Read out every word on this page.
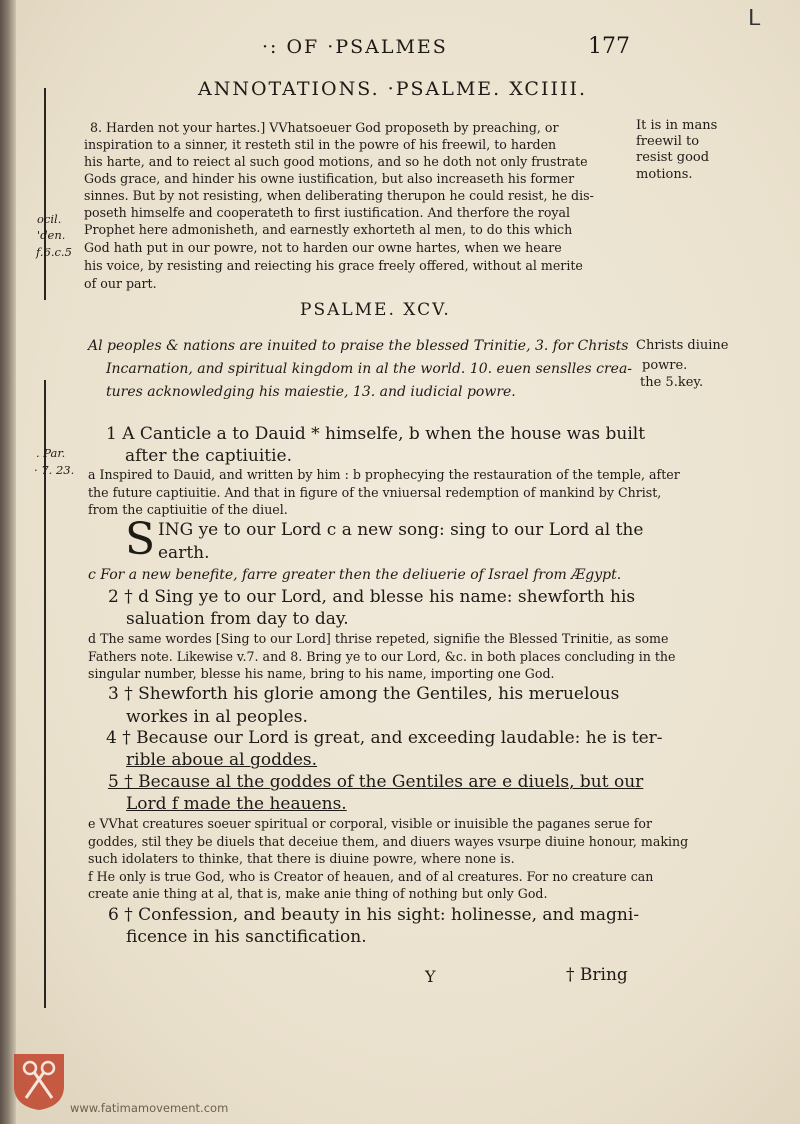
ᒪ
·: OF ·PSALMES	177
ANNOTATIONS. ·PSALME. XCIIII.
8. Harden not your hartes.] VVhatsoeuer God proposeth by preaching, or
inspiration to a sinner, it resteth stil in the powre of his freewil, to harden
his harte, and to reiect al such good motions, and so he doth not only frustrate
Gods grace, and hinder his owne iustification, but also increaseth his former
sinnes. But by not resisting, when deliberating therupon he could resist, he dis-
poseth himselfe and cooperateth to first iustification. And therfore the royal
Prophet here admonisheth, and earnestly exhorteth al men, to do this which
God hath put in our powre, not to harden our owne hartes, when we heare
his voice, by resisting and reiecting his grace freely offered, without al merite
of our part.
It is in mans
freewil to
resist good
motions.
ocil.
'den.
f.6.c.5
PSALME. XCV.
Al peoples & nations are inuited to praise the blessed Trinitie, 3. for Christs
Incarnation, and spiritual kingdom in al the world. 10. euen senslles crea-
tures acknowledging his maiestie, 13. and iudicial powre.
Christs diuine
powre.
the 5.key.
. Par.
· 7. 23.
1 A Canticle a to Dauid * himselfe, b when the house was built
after the captiuitie.
a Inspired to Dauid, and written by him : b prophecying the restauration of the temple, after
the future captiuitie. And that in figure of the vniuersal redemption of mankind by Christ,
from the captiuitie of the diuel.
S ING ye to our Lord c a new song: sing to our Lord al the
earth.
c For a new benefite, farre greater then the deliuerie of Israel from Ægypt.
2 † d Sing ye to our Lord, and blesse his name: shewforth his
saluation from day to day.
d The same wordes [Sing to our Lord] thrise repeted, signifie the Blessed Trinitie, as some
Fathers note. Likewise v.7. and 8. Bring ye to our Lord, &c. in both places concluding in the
singular number, blesse his name, bring to his name, importing one God.
3 † Shewforth his glorie among the Gentiles, his meruelous
workes in al peoples.
4 † Because our Lord is great, and exceeding laudable: he is ter-
rible aboue al goddes.
5 † Because al the goddes of the Gentiles are e diuels, but our
Lord f made the heauens.
e VVhat creatures soeuer spiritual or corporal, visible or inuisible the paganes serue for
goddes, stil they be diuels that deceiue them, and diuers wayes vsurpe diuine honour, making
such idolaters to thinke, that there is diuine powre, where none is.
f He only is true God, who is Creator of heauen, and of al creatures. For no creature can
create anie thing at al, that is, make anie thing of nothing but only God.
6 † Confession, and beauty in his sight: holinesse, and magni-
ficence in his sanctification.
Y	† Bring
www.fatimamovement.com
